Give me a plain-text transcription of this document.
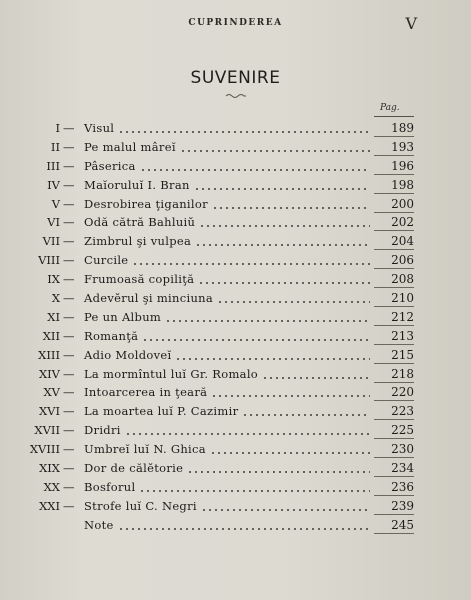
CUPRINDEREA	V
SUVENIRE
Pag.
I — Visul	189
II — Pe malul mâreĭ	193
III — Pâserica	196
IV — Maĭoruluĭ I. Bran	198
V — Desrobirea ţiganilor	200
VI — Odă cătră Bahluiŭ	202
VII — Zimbrul şi vulpea	204
VIII — Curcile	206
IX — Frumoasă copiliţă	208
X — Adevĕrul şi minciuna	210
XI — Pe un Album	212
XII — Romanţă	213
XIII — Adio Moldoveĭ	215
XIV — La mormîntul luĭ Gr. Romalo	218
XV — Intoarcerea in ţeară	220
XVI — La moartea luĭ P. Cazimir	223
XVII — Dridri	225
XVIII — Umbreĭ luĭ N. Ghica	230
XIX — Dor de călĕtorie	234
XX — Bosforul	236
XXI — Strofe luĭ C. Negri	239
Note	245
